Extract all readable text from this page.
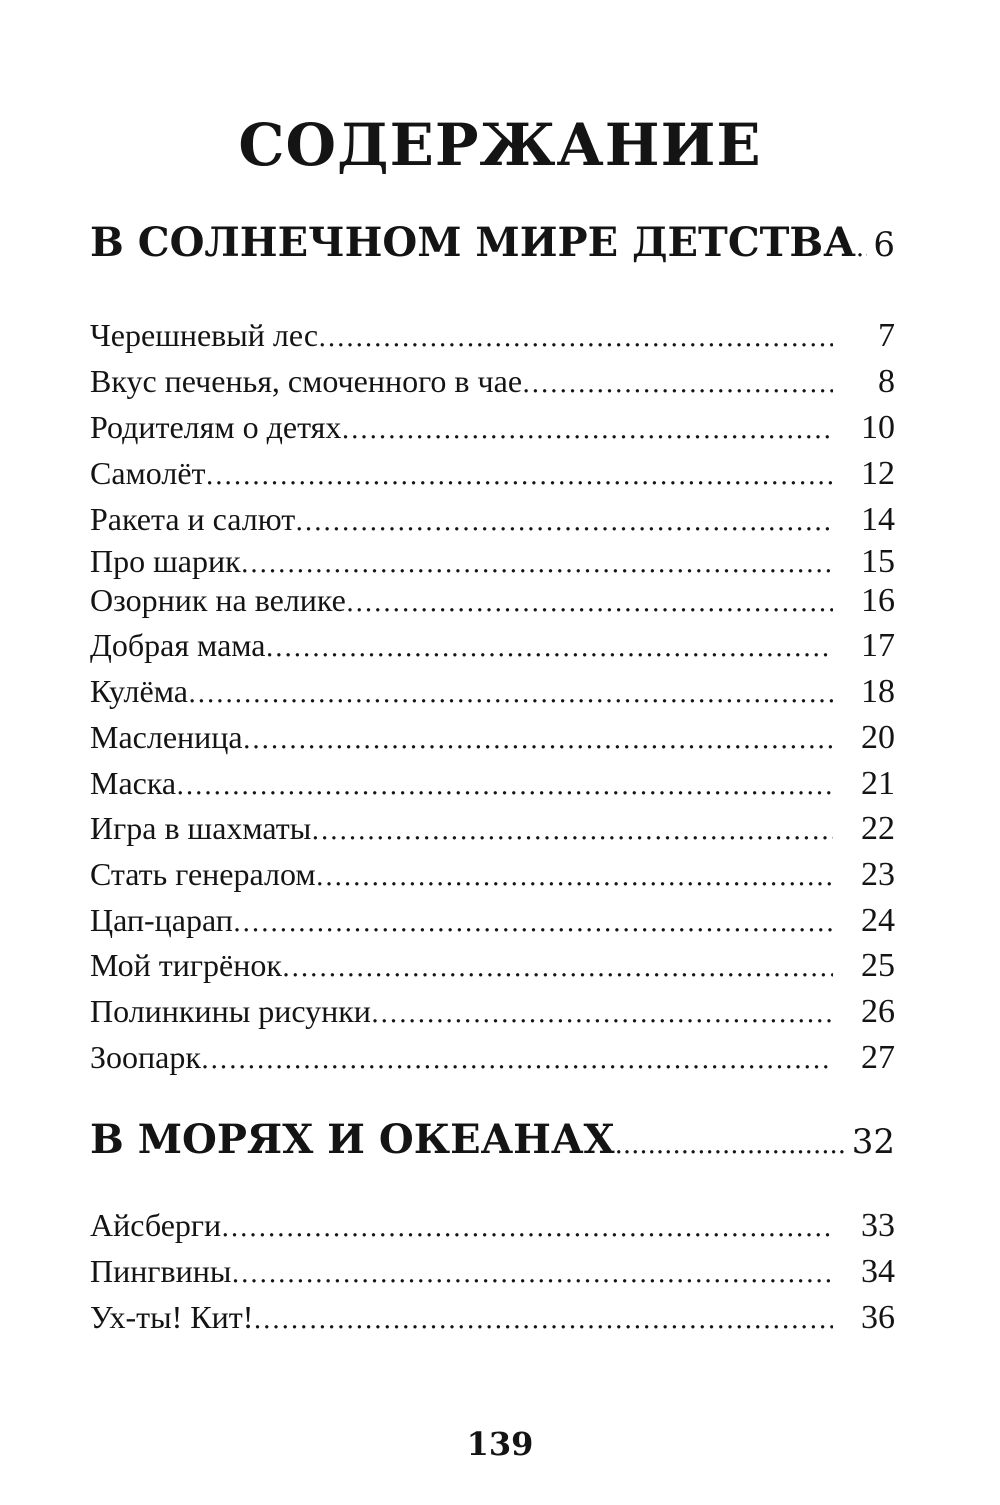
СОДЕРЖАНИЕ
В СОЛНЕЧНОМ МИРЕ ДЕТСТВА ..... 6
Черешневый лес .....	7
Вкус печенья, смоченного в чае .....	8
Родителям о детях .....	10
Самолёт .....	12
Ракета и салют .....	14
Про шарик .....	15
Озорник на велике .....	16
Добрая мама .....	17
Кулёма .....	18
Масленица .....	20
Маска .....	21
Игра в шахматы .....	22
Стать генералом .....	23
Цап-царап .....	24
Мой тигрёнок .....	25
Полинкины рисунки .....	26
Зоопарк .....	27
В МОРЯХ И ОКЕАНАХ .....	32
Айсберги .....	33
Пингвины .....	34
Ух-ты! Кит! .....	36
139
